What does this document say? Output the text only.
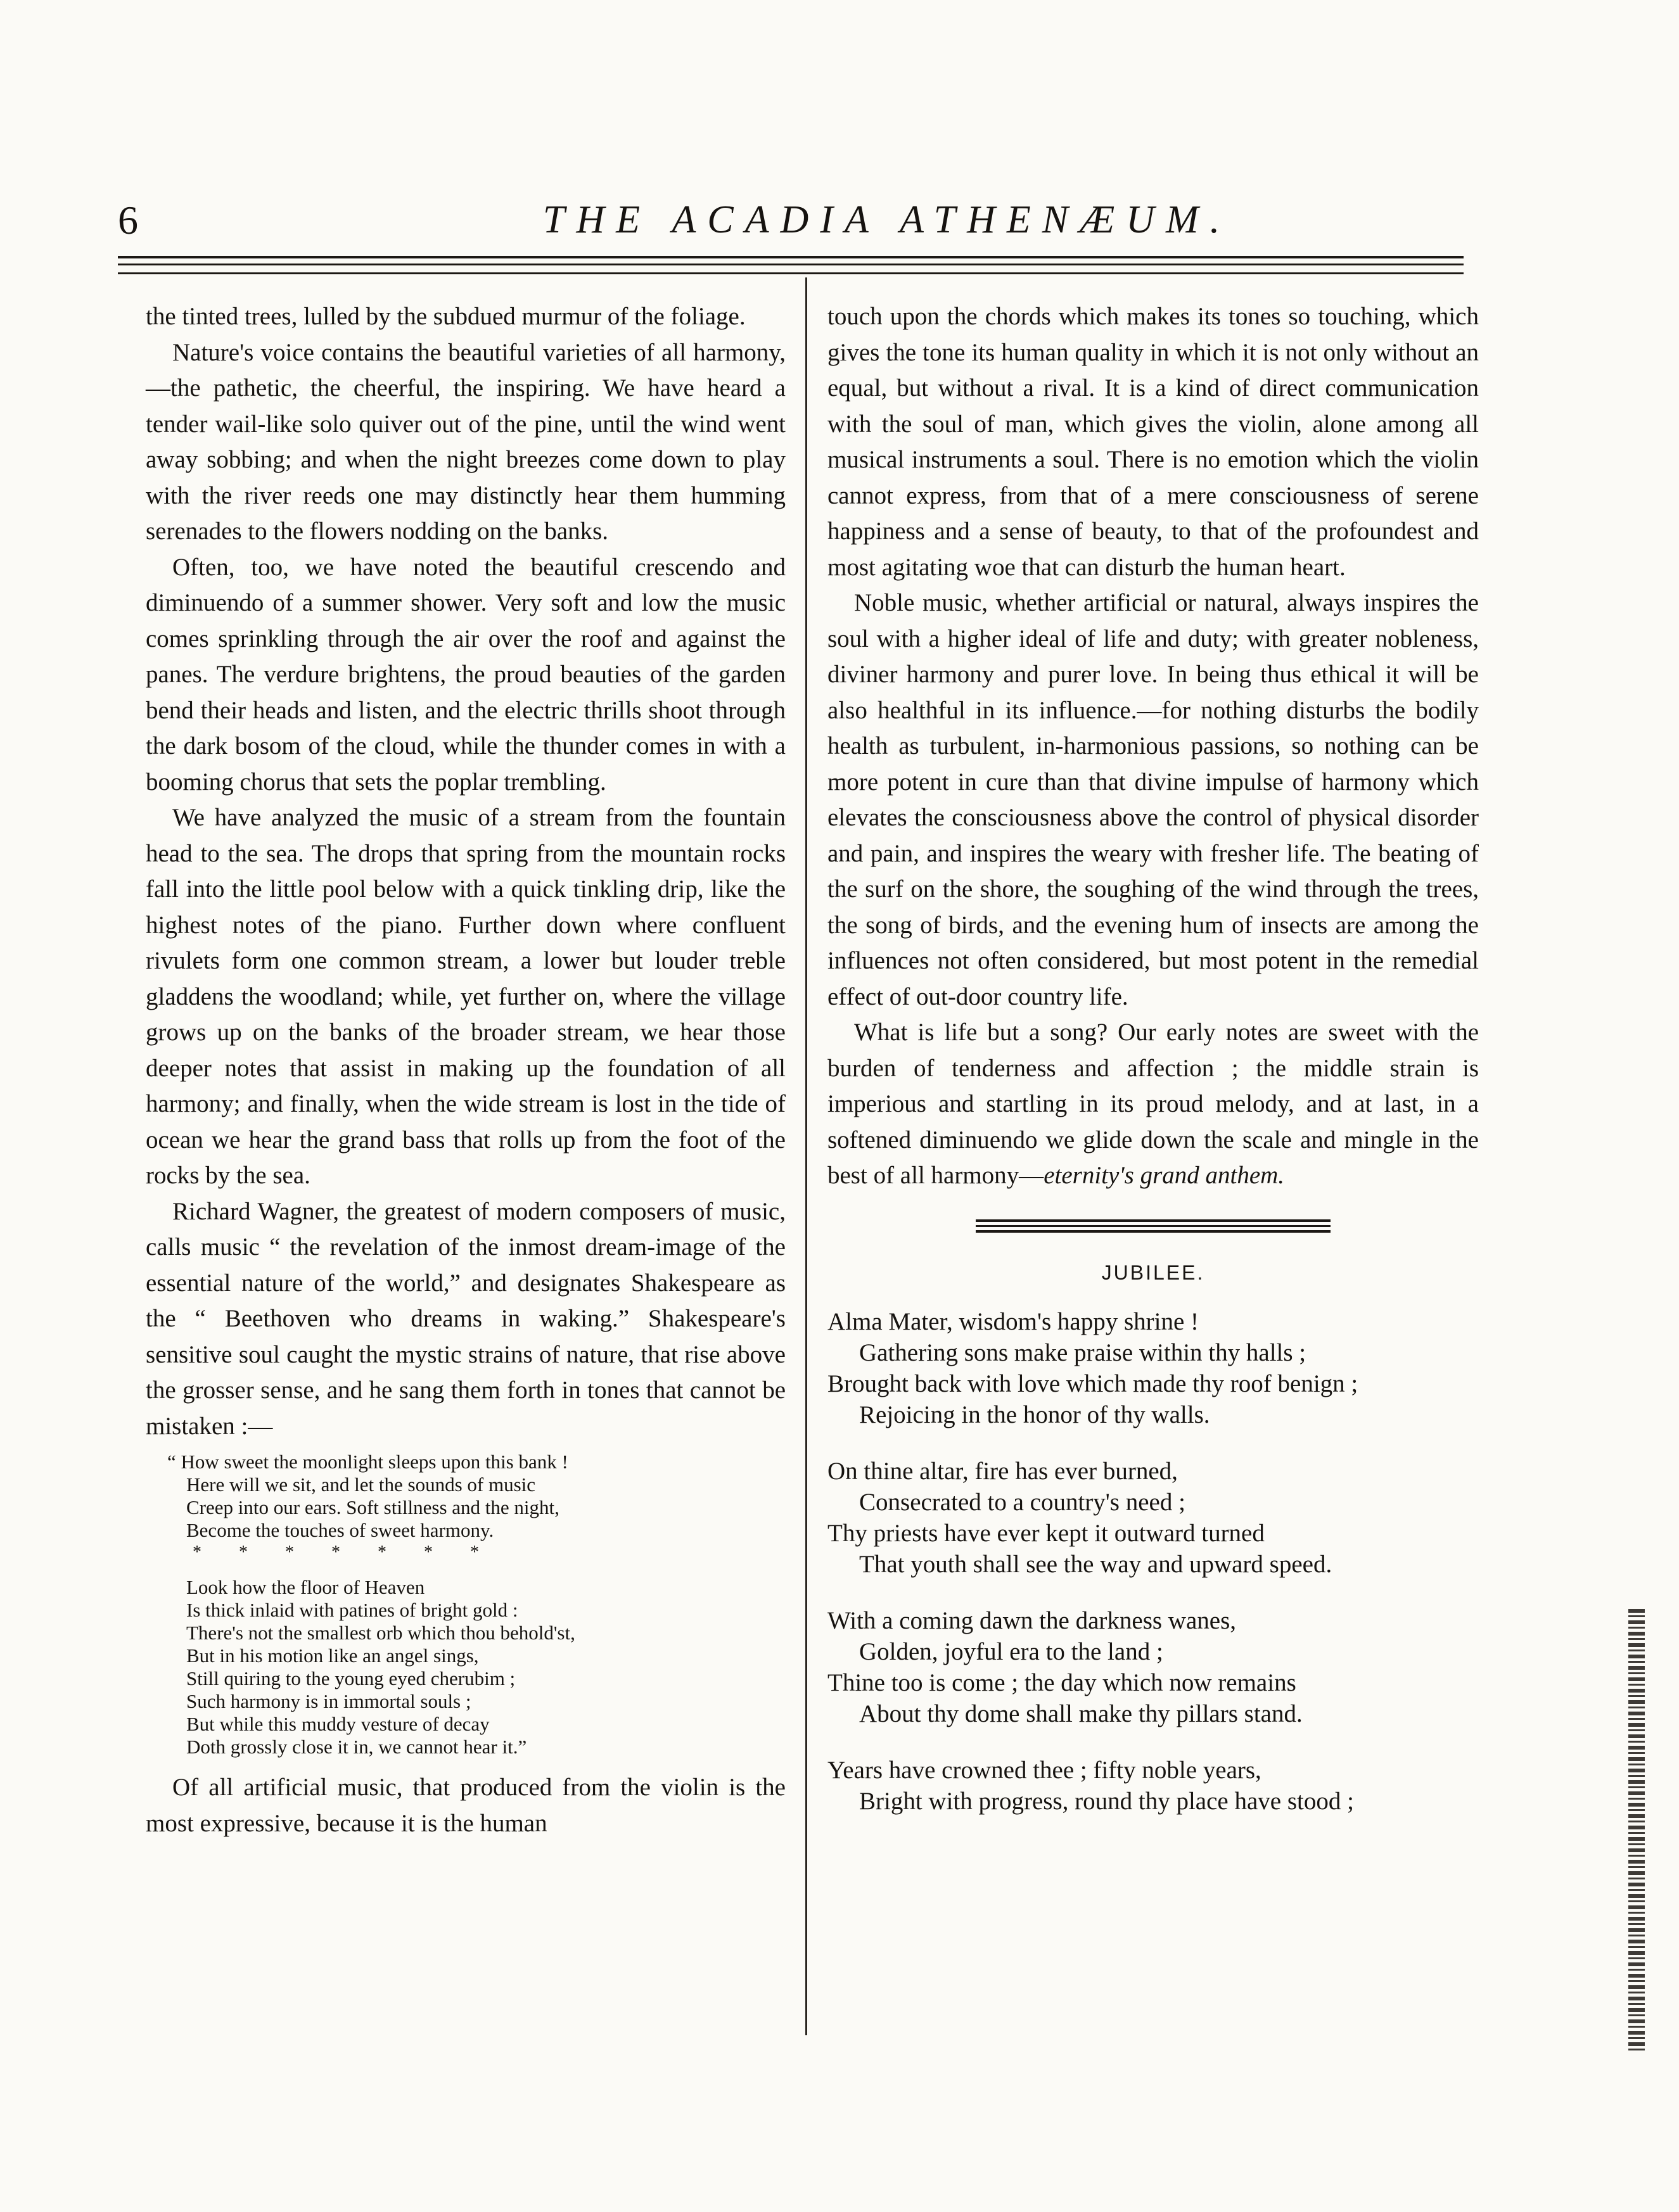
6	THE ACADIA ATHENÆUM.

the tinted trees, lulled by the subdued murmur of the foliage.

Nature's voice contains the beautiful varieties of all harmony,—the pathetic, the cheerful, the inspiring. We have heard a tender wail-like solo quiver out of the pine, until the wind went away sobbing; and when the night breezes come down to play with the river reeds one may distinctly hear them humming serenades to the flowers nodding on the banks.

Often, too, we have noted the beautiful crescendo and diminuendo of a summer shower. Very soft and low the music comes sprinkling through the air over the roof and against the panes. The verdure brightens, the proud beauties of the garden bend their heads and listen, and the electric thrills shoot through the dark bosom of the cloud, while the thunder comes in with a booming chorus that sets the poplar trembling.

We have analyzed the music of a stream from the fountain head to the sea. The drops that spring from the mountain rocks fall into the little pool below with a quick tinkling drip, like the highest notes of the piano. Further down where confluent rivulets form one common stream, a lower but louder treble gladdens the woodland; while, yet further on, where the village grows up on the banks of the broader stream, we hear those deeper notes that assist in making up the foundation of all harmony; and finally, when the wide stream is lost in the tide of ocean we hear the grand bass that rolls up from the foot of the rocks by the sea.

Richard Wagner, the greatest of modern composers of music, calls music “ the revelation of the inmost dream-image of the essential nature of the world,” and designates Shakespeare as the “ Beethoven who dreams in waking.” Shakespeare's sensitive soul caught the mystic strains of nature, that rise above the grosser sense, and he sang them forth in tones that cannot be mistaken :—

“ How sweet the moonlight sleeps upon this bank !
Here will we sit, and let the sounds of music
Creep into our ears. Soft stillness and the night,
Become the touches of sweet harmony.
* * * * * * *
Look how the floor of Heaven
Is thick inlaid with patines of bright gold :
There's not the smallest orb which thou behold'st,
But in his motion like an angel sings,
Still quiring to the young eyed cherubim ;
Such harmony is in immortal souls ;
But while this muddy vesture of decay
Doth grossly close it in, we cannot hear it.”

Of all artificial music, that produced from the violin is the most expressive, because it is the human

touch upon the chords which makes its tones so touching, which gives the tone its human quality in which it is not only without an equal, but without a rival. It is a kind of direct communication with the soul of man, which gives the violin, alone among all musical instruments a soul. There is no emotion which the violin cannot express, from that of a mere consciousness of serene happiness and a sense of beauty, to that of the profoundest and most agitating woe that can disturb the human heart.

Noble music, whether artificial or natural, always inspires the soul with a higher ideal of life and duty; with greater nobleness, diviner harmony and purer love. In being thus ethical it will be also healthful in its influence.—for nothing disturbs the bodily health as turbulent, in-harmonious passions, so nothing can be more potent in cure than that divine impulse of harmony which elevates the consciousness above the control of physical disorder and pain, and inspires the weary with fresher life. The beating of the surf on the shore, the soughing of the wind through the trees, the song of birds, and the evening hum of insects are among the influences not often considered, but most potent in the remedial effect of out-door country life.

What is life but a song? Our early notes are sweet with the burden of tenderness and affection ; the middle strain is imperious and startling in its proud melody, and at last, in a softened diminuendo we glide down the scale and mingle in the best of all harmony—eternity's grand anthem.

JUBILEE.
Alma Mater, wisdom's happy shrine !
Gathering sons make praise within thy halls ;
Brought back with love which made thy roof benign ;
Rejoicing in the honor of thy walls.
On thine altar, fire has ever burned,
Consecrated to a country's need ;
Thy priests have ever kept it outward turned
That youth shall see the way and upward speed.
With a coming dawn the darkness wanes,
Golden, joyful era to the land ;
Thine too is come ; the day which now remains
About thy dome shall make thy pillars stand.
Years have crowned thee ; fifty noble years,
Bright with progress, round thy place have stood ;
